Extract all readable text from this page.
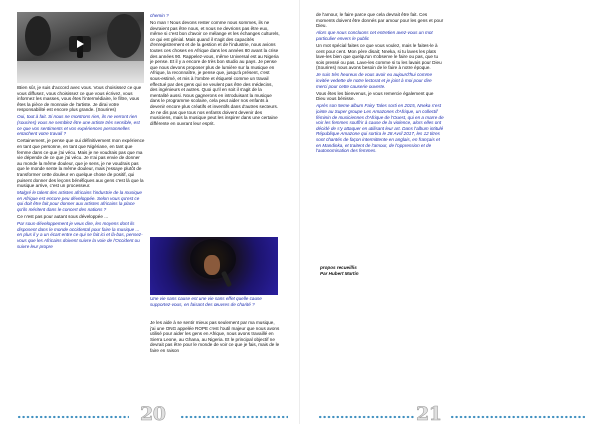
IBien sûr, je suis d'accord avec vous. Vous choisissez ce que vous diffusez, vous choisissez ce que vous écrivez, vous informez les masses, vous êtes l'intermédiaire, le filtre, vous êtes la pièce de monnaie de l'artiste. Je dirai votre responsabilité est encore plus grande. (Sourires)

Oui, tout à fait. Si nous ne montrons rien, ils ne verront rien (sourires) vous ne semblez être une artiste très sensible, est ce que vos sentiments et vos expériences personnelles entachent votre travail ?

Certainement, je pense que oui définitivement mon expérience en tant que personne, en tant que Nigériane, en tant que femme dans ce que j'ai vécu. Mais je ne voudrais pas que ma vie dépende de ce que j'ai vécu. Je n'ai pas envie de donner au monde la même douleur, que je sens, je ne voudrais pas que le monde sente la même douleur, mais j'essaye plutôt de transformer cette douleur en quelque chose de positif, qui puisent donner des leçons bénéfiques aux gens c'est là que la musique arrive, c'est un processeur.

Malgré le talent des artistes africains l'industrie de la musique en Afrique est encore peu développée. Selon vous qu'est ce qui doit être fait pour donner aux artistes africains la place qu'ils méritent dans le concert des nations ?

Ce n'est pas pour autant sous développée ...

Par sous-développement je veux dire, les moyens dont ils disposent dans le monde occidental pour faire la musique ... en plus il y a un écart entre ce qui se fait ici et là-bas, pensez-vous que les Africains doivent suivre la voie de l'Occident ou suivre leur propre

chemin ?

No man ! Nous devons rester comme nous sommes, ils ne devraient pas être nous, et nous ne devrions pas être eux, même si c'est bon d'avoir ce mélange et les échanges culturels, ce qui est génial. Mais quand il s'agit des capacités d'enregistrement et de la gestion et de l'industrie, nous avions toutes ces choses en Afrique dans les années 80 avant la crise des années 90. Rappelez-vous, même Universal est au Nigeria je pense. Et il y a encore de très bon studio au pays. Je pense que nous devons proposer plus de lumière sur la musique en Afrique, la reconnaître, je pense que, jusqu'à présent, c'est sous-estimé, et mis à l'ombre et étiqueté comme un travail effectué par des gens qui ne veulent pas être des médecins, des ingénieurs et autres. Quoi qu'il en soit il s'agit de la mentalité aussi. Nous gagnerons en introduisant la musique dans le programme scolaire, cela peut aider nos enfants à devenir encore plus créatifs et inventifs dans d'autres secteurs. Je ne dis pas que tous nos enfants doivent devenir des musiciens, mais la musique peut les inspirer dans une certaine différente en ouvrant leur esprit.

Une vie sans cause est une vie sans effet quelle cause supportez-vous, en faisant des œuvres de charité ?

Je les aide à se sentir mieux pas seulement par ma musique, j'ai une ONG appelée ROPE c'est l'outil majeur que nous avons utilisé pour aider les gens en Afrique, nous avons travaillé en Sierra Leone, au Ghana, au Nigeria. Et le principal objectif ne devrait pas être pour le monde de voir ce que je fais, mais de le faire en raison

20

de l'amour, le faire parce que cela devrait être fait. Ces moments doivent être donnés par amour pour les gens et pour Dieu.

Alors que nous concluons cet entretien avez-vous un mot particulier envers le public

Un mot spécial faites ce que vous voulez, mais le faites-le à cent pour cent. Mon père disait; Nneka, si tu laves les plats lave-les bien que quelqu'un s'observe le faire ou pas, que tu sois pressé ou pas. Lave-les comme si tu les lavais pour Dieu (Sourires) nous avons besoin de le faire à notre époque.

Je suis très heureux de vous avoir eu aujourd'hui comme invitée vedette de notre lectorat et je joint à moi pour dire merci pour cette causerie ouverte.

Vous êtes les bienvenus, je vous remercie également que Dieu vous bénisse.

Après son 5eme album Fairy Tales sorti en 2015, Nneka s'est jointe au Super groupe Les Amazones d'Afrique, un collectif féminin de musiciennes d'Afrique de l'Ouest, qui en a marre de voir les femmes souffrir à cause de la violence, alors elles ont décidé de s'y attaquer en utilisant leur art. Dans l'album intitulé République Amazone qui sortira le 28 Avril 2017, les 12 titres sont chantés de façon intermittente en anglais, en français et en Mandinka, et traitent de l'amour, de l'oppression et de l'autonomisation des femmes.

propos recueillis
Par Hubert Martin
21
